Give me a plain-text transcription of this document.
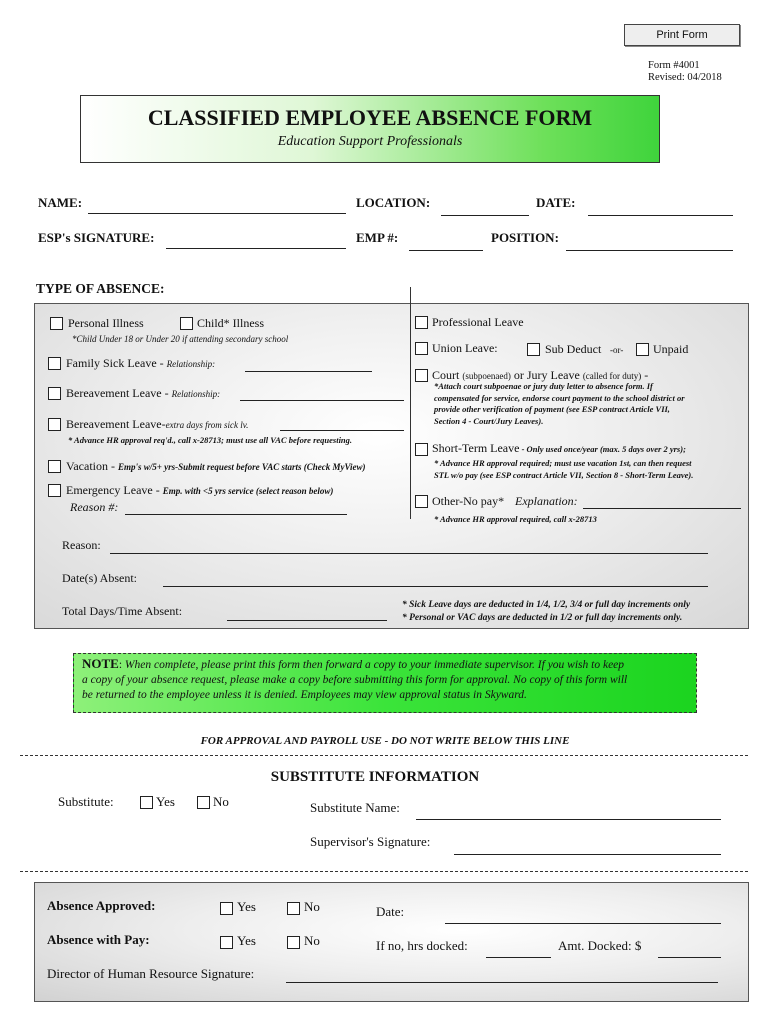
Print Form
Form #4001
Revised: 04/2018
CLASSIFIED EMPLOYEE ABSENCE FORM
Education Support Professionals
NAME:	LOCATION:	DATE:
ESP's SIGNATURE:	EMP #:	POSITION:
TYPE OF ABSENCE:
Personal Illness	Child* Illness
*Child Under 18 or Under 20 if attending secondary school
Family Sick Leave - Relationship:
Bereavement Leave - Relationship:
Bereavement Leave-extra days from sick lv.
* Advance HR approval req'd., call x-28713; must use all VAC before requesting.
Vacation - Emp's w/5+ yrs-Submit request before VAC starts (Check MyView)
Emergency Leave - Emp. with <5 yrs service (select reason below)
Reason #:
Professional Leave
Union Leave:	Sub Deduct -or- Unpaid
Court (subpoenaed) or Jury Leave (called for duty) -
*Attach court subpoenae or jury duty letter to absence form. If
compensated for service, endorse court payment to the school district or
provide other verification of payment (see ESP contract Article VII,
Section 4 - Court/Jury Leaves).
Short-Term Leave - Only used once/year (max. 5 days over 2 yrs);
* Advance HR approval required; must use vacation 1st, can then request
STL w/o pay (see ESP contract Article VII, Section 8 - Short-Term Leave).
Other-No pay* Explanation:
* Advance HR approval required, call x-28713
Reason:
Date(s) Absent:
Total Days/Time Absent:	* Sick Leave days are deducted in 1/4, 1/2, 3/4 or full day increments only
* Personal or VAC days are deducted in 1/2 or full day increments only.
NOTE: When complete, please print this form then forward a copy to your immediate supervisor. If you wish to keep
a copy of your absence request, please make a copy before submitting this form for approval. No copy of this form will
be returned to the employee unless it is denied. Employees may view approval status in Skyward.
FOR APPROVAL AND PAYROLL USE - DO NOT WRITE BELOW THIS LINE
SUBSTITUTE INFORMATION
Substitute:	Yes	No	Substitute Name:
Supervisor's Signature:
Absence Approved:	Yes	No	Date:
Absence with Pay:	Yes	No	If no, hrs docked:	Amt. Docked: $
Director of Human Resource Signature:
